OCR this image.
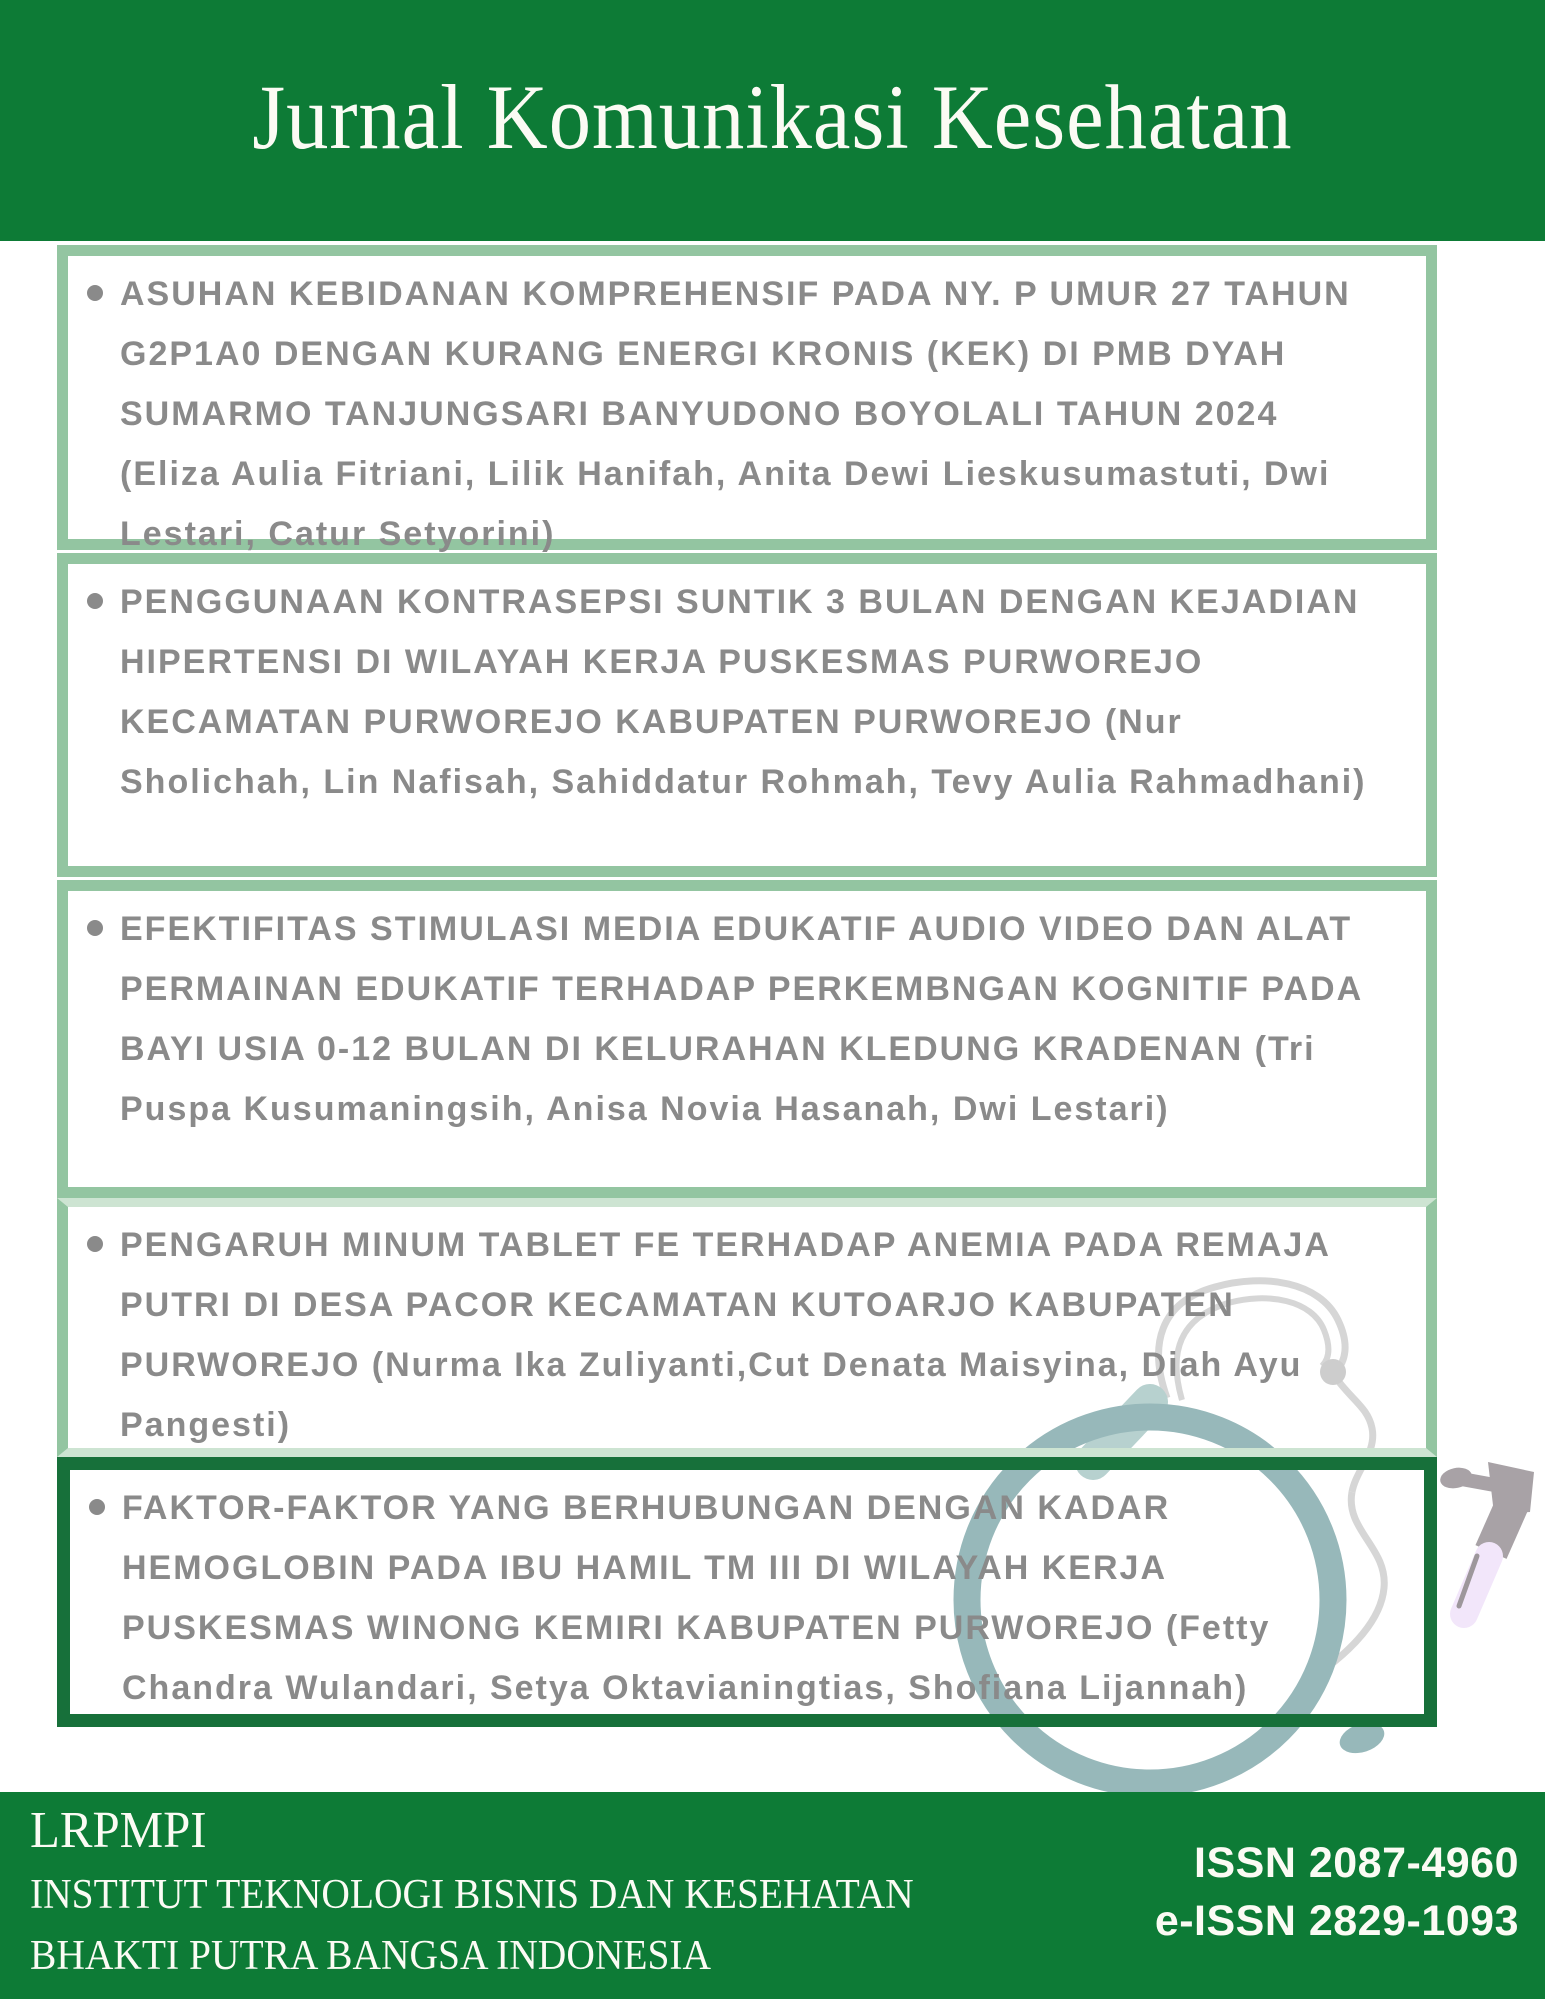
Jurnal Komunikasi Kesehatan
ASUHAN KEBIDANAN KOMPREHENSIF PADA NY. P UMUR 27 TAHUN G2P1A0 DENGAN KURANG ENERGI KRONIS (KEK) DI PMB DYAH SUMARMO TANJUNGSARI BANYUDONO BOYOLALI TAHUN 2024 (Eliza Aulia Fitriani, Lilik Hanifah, Anita Dewi Lieskusumastuti, Dwi Lestari, Catur Setyorini)
PENGGUNAAN KONTRASEPSI SUNTIK 3 BULAN DENGAN KEJADIAN HIPERTENSI DI WILAYAH KERJA PUSKESMAS PURWOREJO KECAMATAN PURWOREJO KABUPATEN PURWOREJO (Nur Sholichah, Lin Nafisah, Sahiddatur Rohmah, Tevy Aulia Rahmadhani)
EFEKTIFITAS STIMULASI MEDIA EDUKATIF AUDIO VIDEO DAN ALAT PERMAINAN EDUKATIF TERHADAP PERKEMBNGAN KOGNITIF PADA BAYI USIA 0-12 BULAN DI KELURAHAN KLEDUNG KRADENAN (Tri Puspa Kusumaningsih, Anisa Novia Hasanah, Dwi Lestari)
PENGARUH MINUM TABLET FE TERHADAP ANEMIA PADA REMAJA PUTRI DI DESA PACOR KECAMATAN KUTOARJO KABUPATEN PURWOREJO (Nurma Ika Zuliyanti,Cut Denata Maisyina, Diah Ayu Pangesti)
FAKTOR-FAKTOR YANG BERHUBUNGAN DENGAN KADAR HEMOGLOBIN PADA IBU HAMIL TM III DI WILAYAH KERJA PUSKESMAS WINONG KEMIRI KABUPATEN PURWOREJO (Fetty Chandra Wulandari, Setya Oktavianingtias, Shofiana Lijannah)
LRPMPI
INSTITUT TEKNOLOGI BISNIS DAN KESEHATAN
BHAKTI PUTRA BANGSA INDONESIA
ISSN 2087-4960
e-ISSN 2829-1093
